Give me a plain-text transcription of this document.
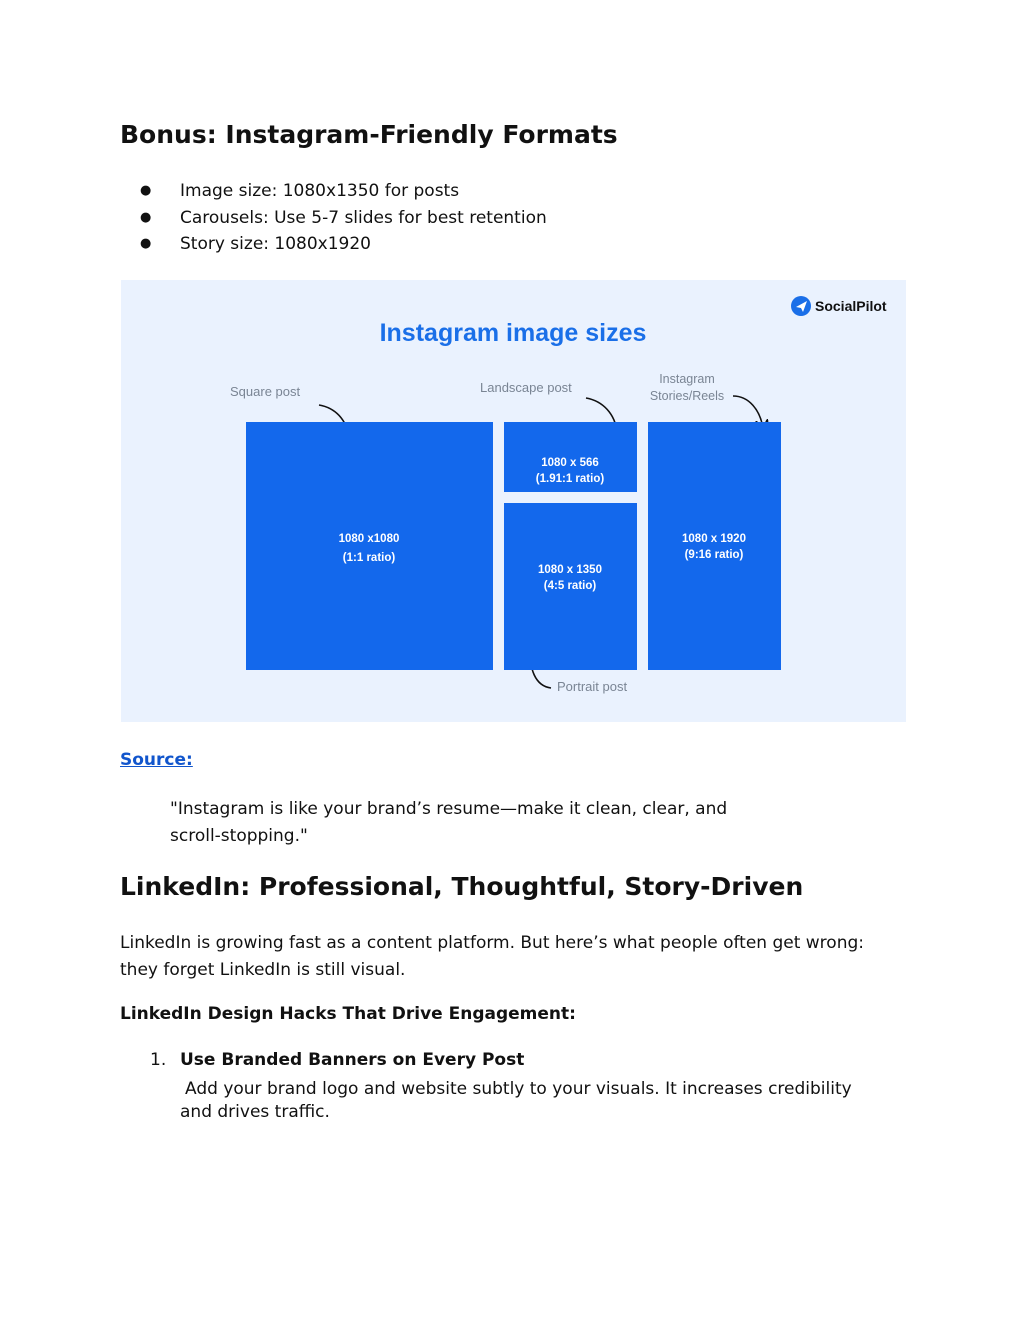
Bonus: Instagram-Friendly Formats
● Image size: 1080x1350 for posts
● Carousels: Use 5-7 slides for best retention
● Story size: 1080x1920
SocialPilot
Instagram image sizes
Square post	Landscape post
Instagram
Stories/Reels
Portrait post
1080 x1080
(1:1 ratio)
1080 x 566
(1.91:1 ratio)
1080 x 1350
(4:5 ratio)
1080 x 1920
(9:16 ratio)
Source:
"Instagram is like your brand’s resume—make it clean, clear, and
scroll-stopping."
LinkedIn: Professional, Thoughtful, Story-Driven
LinkedIn is growing fast as a content platform. But here’s what people often get wrong:
they forget LinkedIn is still visual.
LinkedIn Design Hacks That Drive Engagement:
1. Use Branded Banners on Every Post
Add your brand logo and website subtly to your visuals. It increases credibility
and drives traffic.
